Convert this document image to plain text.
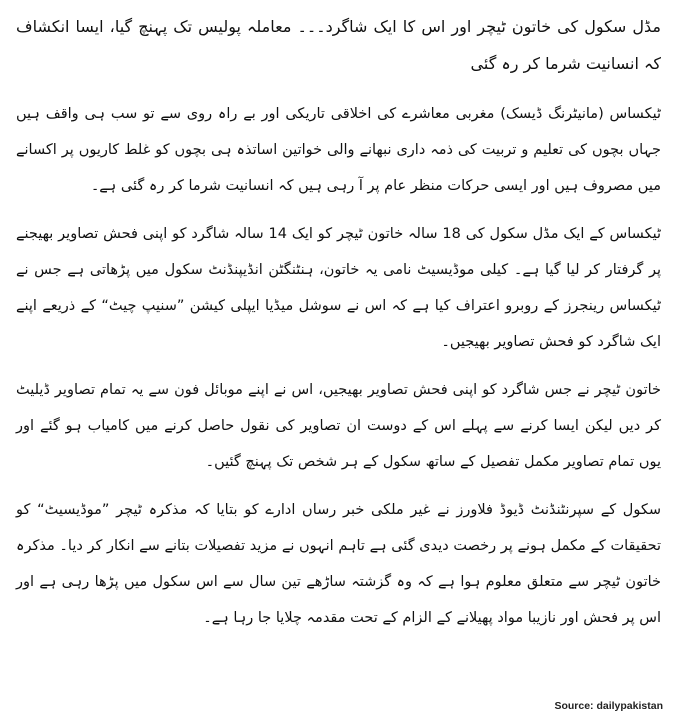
مڈل سکول کی خاتون ٹیچر اور اس کا ایک شاگرد۔۔۔ معاملہ پولیس تک پہنچ گیا، ایسا انکشاف کہ انسانیت شرما کر رہ گئی

ٹیکساس (مانیٹرنگ ڈیسک) مغربی معاشرے کی اخلاقی تاریکی اور بے راہ روی سے تو سب ہی واقف ہیں جہاں بچوں کی تعلیم و تربیت کی ذمہ داری نبھانے والی خواتین اساتذہ ہی بچوں کو غلط کاریوں پر اکسانے میں مصروف ہیں اور ایسی حرکات منظر عام پر آ رہی ہیں کہ انسانیت شرما کر رہ گئی ہے۔

ٹیکساس کے ایک مڈل سکول کی 18 سالہ خاتون ٹیچر کو ایک 14 سالہ شاگرد کو اپنی فحش تصاویر بھیجنے پر گرفتار کر لیا گیا ہے۔ کیلی موڈیسیٹ نامی یہ خاتون، ہنٹنگٹن انڈیپنڈنٹ سکول میں پڑھاتی ہے جس نے ٹیکساس رینجرز کے روبرو اعتراف کیا ہے کہ اس نے سوشل میڈیا ایپلی کیشن ”سنیپ چیٹ“ کے ذریعے اپنے ایک شاگرد کو فحش تصاویر بھیجیں۔

خاتون ٹیچر نے جس شاگرد کو اپنی فحش تصاویر بھیجیں، اس نے اپنے موبائل فون سے یہ تمام تصاویر ڈیلیٹ کر دیں لیکن ایسا کرنے سے پہلے اس کے دوست ان تصاویر کی نقول حاصل کرنے میں کامیاب ہو گئے اور یوں تمام تصاویر مکمل تفصیل کے ساتھ سکول کے ہر شخص تک پہنچ گئیں۔

سکول کے سپرنٹنڈنٹ ڈیوڈ فلاورز نے غیر ملکی خبر رساں ادارے کو بتایا کہ مذکرہ ٹیچر ”موڈیسیٹ“ کو تحقیقات کے مکمل ہونے پر رخصت دیدی گئی ہے تاہم انہوں نے مزید تفصیلات بتانے سے انکار کر دیا۔ مذکرہ خاتون ٹیچر سے متعلق معلوم ہوا ہے کہ وہ گزشتہ ساڑھے تین سال سے اس سکول میں پڑھا رہی ہے اور اس پر فحش اور نازیبا مواد پھیلانے کے الزام کے تحت مقدمہ چلایا جا رہا ہے۔

Source: dailypakistan
